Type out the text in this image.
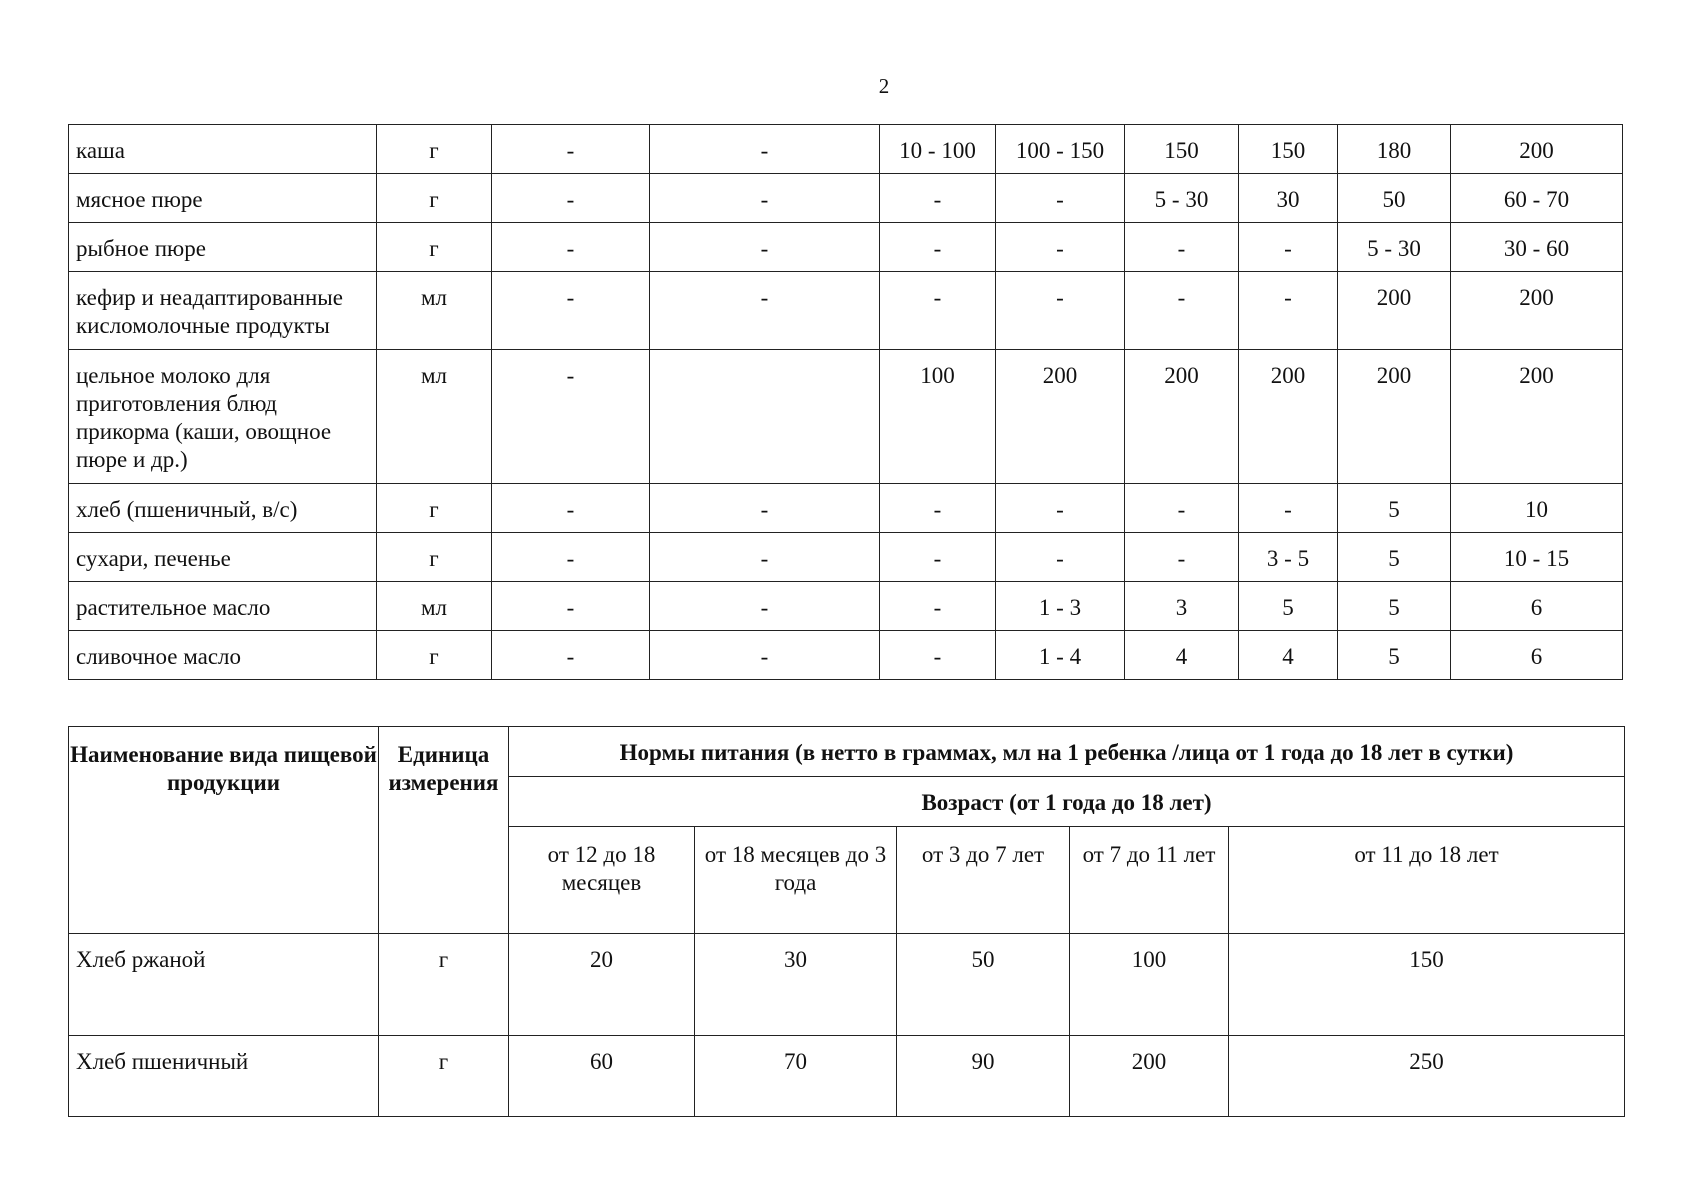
2
каша	г	-	-	10 - 100	100 - 150	150	150	180	200
мясное пюре	г	-	-	-	-	5 - 30	30	50	60 - 70
рыбное пюре	г	-	-	-	-	-	-	5 - 30	30 - 60
кефир и неадаптированные кисломолочные продукты	мл	-	-	-	-	-	-	200	200
цельное молоко для приготовления блюд прикорма (каши, овощное пюре и др.)	мл	-		100	200	200	200	200	200
хлеб (пшеничный, в/с)	г	-	-	-	-	-	-	5	10
сухари, печенье	г	-	-	-	-	-	3 - 5	5	10 - 15
растительное масло	мл	-	-	-	1 - 3	3	5	5	6
сливочное масло	г	-	-	-	1 - 4	4	4	5	6
Наименование вида пищевой продукции	Единица измерения	Нормы питания (в нетто в граммах, мл на 1 ребенка /лица от 1 года до 18 лет в сутки)				
		Возраст (от 1 года до 18 лет)				
		от 12 до 18 месяцев	от 18 месяцев до 3 года	от 3 до 7 лет	от 7 до 11 лет	от 11 до 18 лет
Хлеб ржаной	г	20	30	50	100	150
Хлеб пшеничный	г	60	70	90	200	250
